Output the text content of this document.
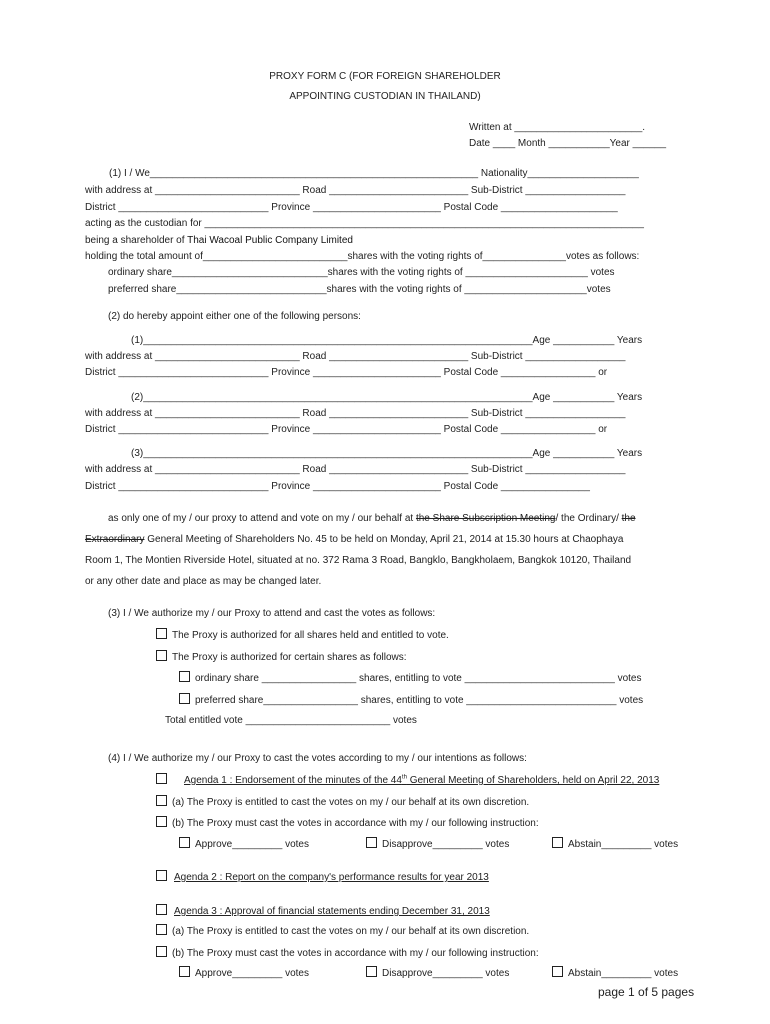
PROXY FORM C (FOR FOREIGN SHAREHOLDER
APPOINTING CUSTODIAN IN THAILAND)
Written at _______________________.
Date ____ Month ___________Year ______
(1) I / We___________________________________________________________ Nationality____________________
with address at __________________________ Road _________________________ Sub-District __________________
District ___________________________ Province _______________________ Postal Code _____________________
acting as the custodian for _______________________________________________________________________________
being a shareholder of Thai Wacoal Public Company Limited
holding the total amount of__________________________shares with the voting rights of_______________votes as follows:
ordinary share____________________________shares with the voting rights of ______________________ votes
preferred share___________________________shares with the voting rights of ______________________votes
(2) do hereby appoint either one of the following persons:
(1)______________________________________________________________________Age ___________ Years
with address at __________________________ Road _________________________ Sub-District __________________
District ___________________________ Province _______________________ Postal Code _________________ or
(2)______________________________________________________________________Age ___________ Years
with address at __________________________ Road _________________________ Sub-District __________________
District ___________________________ Province _______________________ Postal Code _________________ or
(3)______________________________________________________________________Age ___________ Years
with address at __________________________ Road _________________________ Sub-District __________________
District ___________________________ Province _______________________ Postal Code ________________
as only one of my / our proxy to attend and vote on my / our behalf at the Share Subscription Meeting/ the Ordinary/ the
Extraordinary General Meeting of Shareholders No. 45 to be held on Monday, April 21, 2014 at 15.30 hours at Chaophaya
Room 1, The Montien Riverside Hotel, situated at no. 372 Rama 3 Road, Bangklo, Bangkholaem, Bangkok 10120, Thailand
or any other date and place as may be changed later.
(3) I / We authorize my / our Proxy to attend and cast the votes as follows:
The Proxy is authorized for all shares held and entitled to vote.
The Proxy is authorized for certain shares as follows:
ordinary share _________________ shares, entitling to vote ___________________________ votes
preferred share_________________ shares, entitling to vote ___________________________ votes
Total entitled vote __________________________ votes
(4) I / We authorize my / our Proxy to cast the votes according to my / our intentions as follows:
Agenda 1 : Endorsement of the minutes of the 44th General Meeting of Shareholders, held on April 22, 2013
(a) The Proxy is entitled to cast the votes on my / our behalf at its own discretion.
(b) The Proxy must cast the votes in accordance with my / our following instruction:
Approve_________ votes	Disapprove_________ votes	Abstain_________ votes
Agenda 2 : Report on the company's performance results for year 2013
Agenda 3 : Approval of financial statements ending December 31, 2013
(a) The Proxy is entitled to cast the votes on my / our behalf at its own discretion.
(b) The Proxy must cast the votes in accordance with my / our following instruction:
Approve_________ votes	Disapprove_________ votes	Abstain_________ votes
page 1 of 5 pages
